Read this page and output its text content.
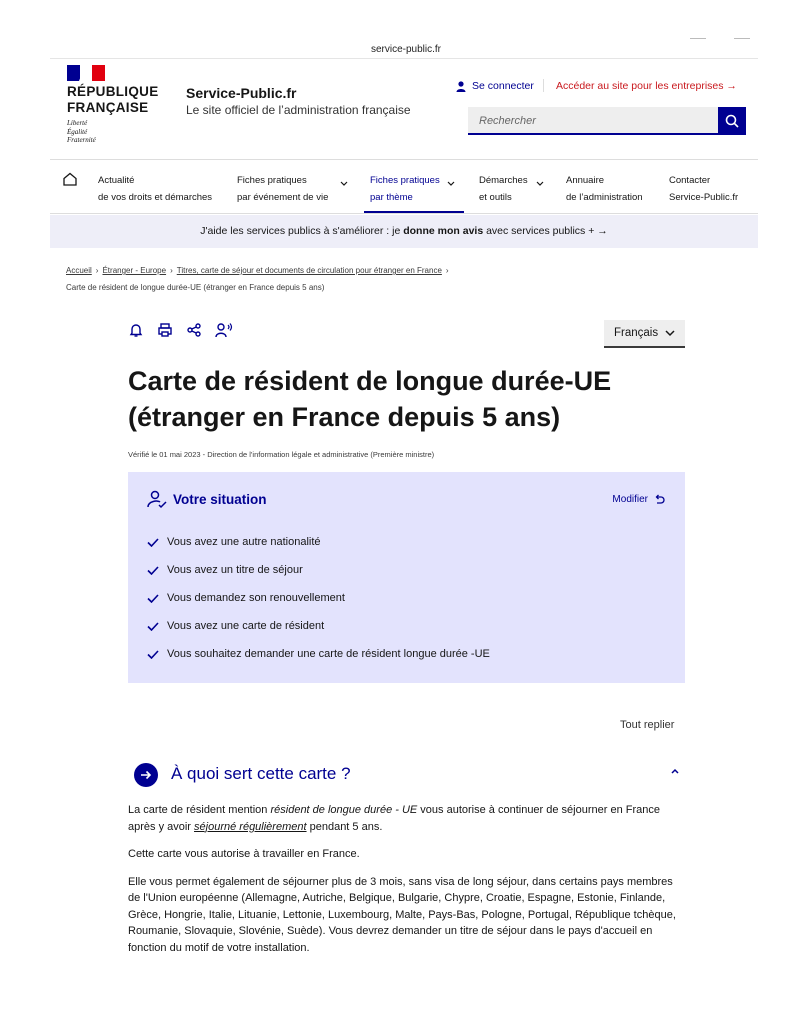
service-public.fr
RÉPUBLIQUE
FRANÇAISE
Liberté
Égalité
Fraternité
Service-Public.fr
Le site officiel de l’administration française
Se connecter Accéder au site pour les entreprises →
Rechercher
Actualité
de vos droits et démarches
Fiches pratiques
par événement de vie
Fiches pratiques
par thème
Démarches
et outils
Annuaire
de l’administration
Contacter
Service-Public.fr
J'aide les services publics à s'améliorer : je donne mon avis avec services publics + →
Accueil › Étranger - Europe › Titres, carte de séjour et documents de circulation pour étranger en France ›
Carte de résident de longue durée-UE (étranger en France depuis 5 ans)
Français
Carte de résident de longue durée-UE (étranger en France depuis 5 ans)
Vérifié le 01 mai 2023 - Direction de l'information légale et administrative (Première ministre)
Votre situation	Modifier
Vous avez une autre nationalité
Vous avez un titre de séjour
Vous demandez son renouvellement
Vous avez une carte de résident
Vous souhaitez demander une carte de résident longue durée -UE
Tout replier
À quoi sert cette carte ?

La carte de résident mention résident de longue durée - UE vous autorise à continuer de séjourner en France après y avoir séjourné régulièrement pendant 5 ans.

Cette carte vous autorise à travailler en France.

Elle vous permet également de séjourner plus de 3 mois, sans visa de long séjour, dans certains pays membres de l'Union européenne (Allemagne, Autriche, Belgique, Bulgarie, Chypre, Croatie, Espagne, Estonie, Finlande, Grèce, Hongrie, Italie, Lituanie, Lettonie, Luxembourg, Malte, Pays-Bas, Pologne, Portugal, République tchèque, Roumanie, Slovaquie, Slovénie, Suède). Vous devrez demander un titre de séjour dans le pays d'accueil en fonction du motif de votre installation.
